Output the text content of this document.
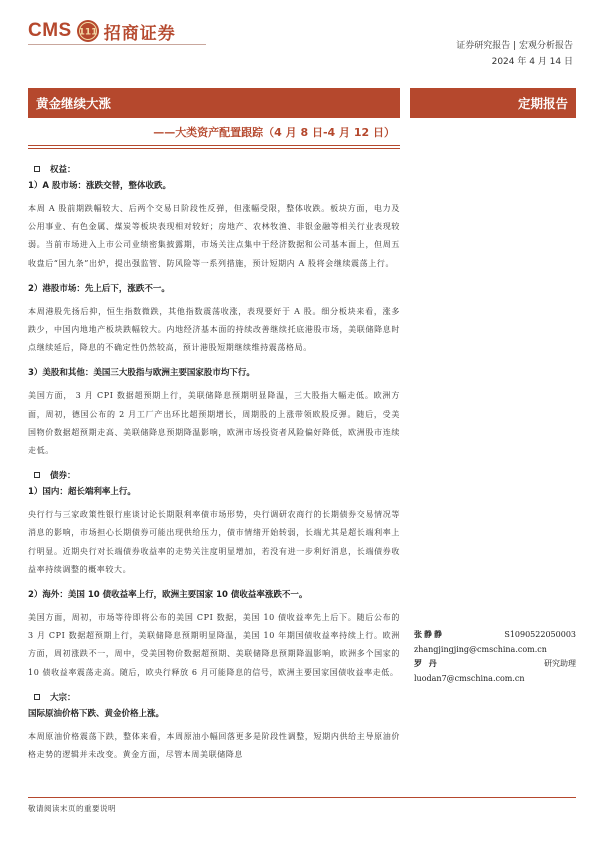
CMS 111 招商证券
证券研究报告 | 宏观分析报告
2024 年 4 月 14 日
黄金继续大涨	定期报告
——大类资产配置跟踪（4 月 8 日-4 月 12 日）
权益：
1）A 股市场：涨跌交替，整体收跌。

本周 A 股前期跌幅较大、后两个交易日阶段性反弹，但涨幅受限，整体收跌。板块方面，电力及公用事业、有色金属、煤炭等板块表现相对较好；房地产、农林牧渔、非银金融等相关行业表现较弱。当前市场进入上市公司业绩密集披露期，市场关注点集中于经济数据和公司基本面上，但周五收盘后“国九条”出炉，提出强监管、防风险等一系列措施，预计短期内 A 股将会继续震荡上行。

2）港股市场：先上后下，涨跌不一。

本周港股先扬后抑，恒生指数微跌，其他指数震荡收涨，表现要好于 A 股。细分板块来看，涨多跌少，中国内地地产板块跌幅较大。内地经济基本面的持续改善继续托底港股市场，美联储降息时点继续延后，降息的不确定性仍然较高，预计港股短期继续维持震荡格局。

3）美股和其他：美国三大股指与欧洲主要国家股市均下行。

美国方面， 3 月 CPI 数据超预期上行，美联储降息预期明显降温，三大股指大幅走低。欧洲方面，周初，德国公布的 2 月工厂产出环比超预期增长，周期股的上涨带领欧股反弹。随后，受美国物价数据超预期走高、美联储降息预期降温影响，欧洲市场投资者风险偏好降低，欧洲股市连续走低。

债券：
1）国内：超长端利率上行。

央行行与三家政策性银行座谈讨论长期限利率债市场形势，央行调研农商行的长期债券交易情况等消息的影响，市场担心长期债券可能出现供给压力，债市情绪开始转弱，长端尤其是超长端利率上行明显。近期央行对长端债券收益率的走势关注度明显增加，若没有进一步利好消息，长端债券收益率持续调整的概率较大。

2）海外：美国 10 债收益率上行，欧洲主要国家 10 债收益率涨跌不一。

美国方面，周初，市场等待即将公布的美国 CPI 数据，美国 10 债收益率先上后下。随后公布的 3 月 CPI 数据超预期上行，美联储降息预期明显降温，美国 10 年期国债收益率持续上行。欧洲方面，周初涨跌不一，周中，受美国物价数据超预期、美联储降息预期降温影响，欧洲多个国家的 10 债收益率震荡走高。随后，欧央行释放 6 月可能降息的信号，欧洲主要国家国债收益率走低。

大宗：
国际原油价格下跌、黄金价格上涨。

本周原油价格震荡下跌，整体来看，本周原油小幅回落更多是阶段性调整，短期内供给主导原油价格走势的逻辑并未改变。黄金方面，尽管本周美联储降息

张静静	S1090522050003
zhangjingjing@cmschina.com.cn
罗 丹	研究助理
luodan7@cmschina.com.cn
敬请阅读末页的重要说明
